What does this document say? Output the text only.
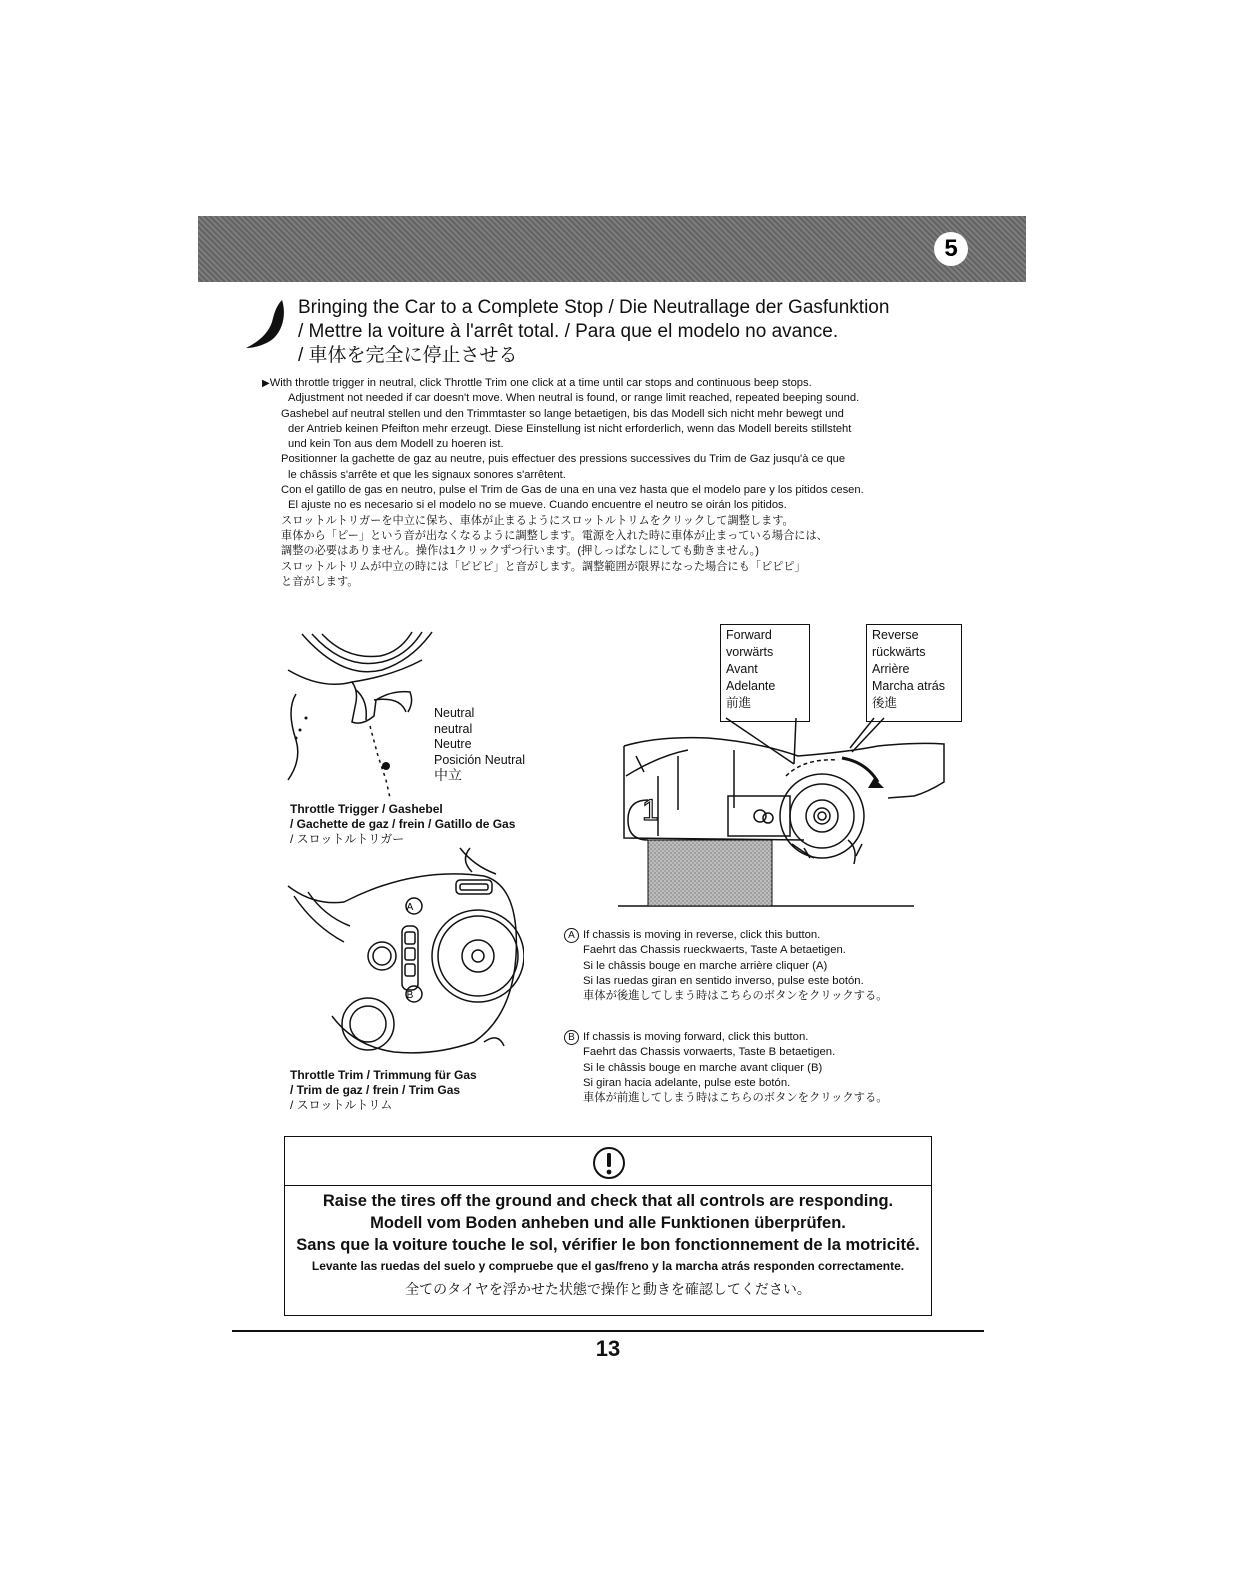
5
Bringing the Car to a Complete Stop / Die Neutrallage der Gasfunktion
/ Mettre la voiture à l'arrêt total. / Para que el modelo no avance.
/ 車体を完全に停止させる
▶With throttle trigger in neutral, click Throttle Trim one click at a time until car stops and continuous beep stops.
Adjustment not needed if car doesn't move. When neutral is found, or range limit reached, repeated beeping sound.
Gashebel auf neutral stellen und den Trimmtaster so lange betaetigen, bis das Modell sich nicht mehr bewegt und
der Antrieb keinen Pfeifton mehr erzeugt. Diese Einstellung ist nicht erforderlich, wenn das Modell bereits stillsteht
und kein Ton aus dem Modell zu hoeren ist.
Positionner la gachette de gaz au neutre, puis effectuer des pressions successives du Trim de Gaz jusqu'à ce que
le châssis s'arrête et que les signaux sonores s'arrêtent.
Con el gatillo de gas en neutro, pulse el Trim de Gas de una en una vez hasta que el modelo pare y los pitidos cesen.
El ajuste no es necesario si el modelo no se mueve. Cuando encuentre el neutro se oirán los pitidos.
スロットルトリガーを中立に保ち、車体が止まるようにスロットルトリムをクリックして調整します。
車体から「ピー」という音が出なくなるように調整します。電源を入れた時に車体が止まっている場合には、
調整の必要はありません。操作は1クリックずつ行います。(押しっぱなしにしても動きません。)
スロットルトリムが中立の時には「ピピピ」と音がします。調整範囲が限界になった場合にも「ピピピ」
と音がします。
Neutral
neutral
Neutre
Posición Neutral
中立
Throttle Trigger / Gashebel
/ Gachette de gaz / frein / Gatillo de Gas
/ スロットルトリガー
A
B
Throttle Trim / Trimmung für Gas
/ Trim de gaz / frein / Trim Gas
/ スロットルトリム
Forward
vorwärts
Avant
Adelante
前進
Reverse
rückwärts
Arrière
Marcha atrás
後進
1
A If chassis is moving in reverse, click this button.
Faehrt das Chassis rueckwaerts, Taste A betaetigen.
Si le châssis bouge en marche arrière cliquer (A)
Si las ruedas giran en sentido inverso, pulse este botón.
車体が後進してしまう時はこちらのボタンをクリックする。
B If chassis is moving forward, click this button.
Faehrt das Chassis vorwaerts, Taste B betaetigen.
Si le châssis bouge en marche avant cliquer (B)
Si giran hacia adelante, pulse este botón.
車体が前進してしまう時はこちらのボタンをクリックする。
Raise the tires off the ground and check that all controls are responding.
Modell vom Boden anheben und alle Funktionen überprüfen.
Sans que la voiture touche le sol, vérifier le bon fonctionnement de la motricité.
Levante las ruedas del suelo y compruebe que el gas/freno y la marcha atrás responden correctamente.
全てのタイヤを浮かせた状態で操作と動きを確認してください。
13
